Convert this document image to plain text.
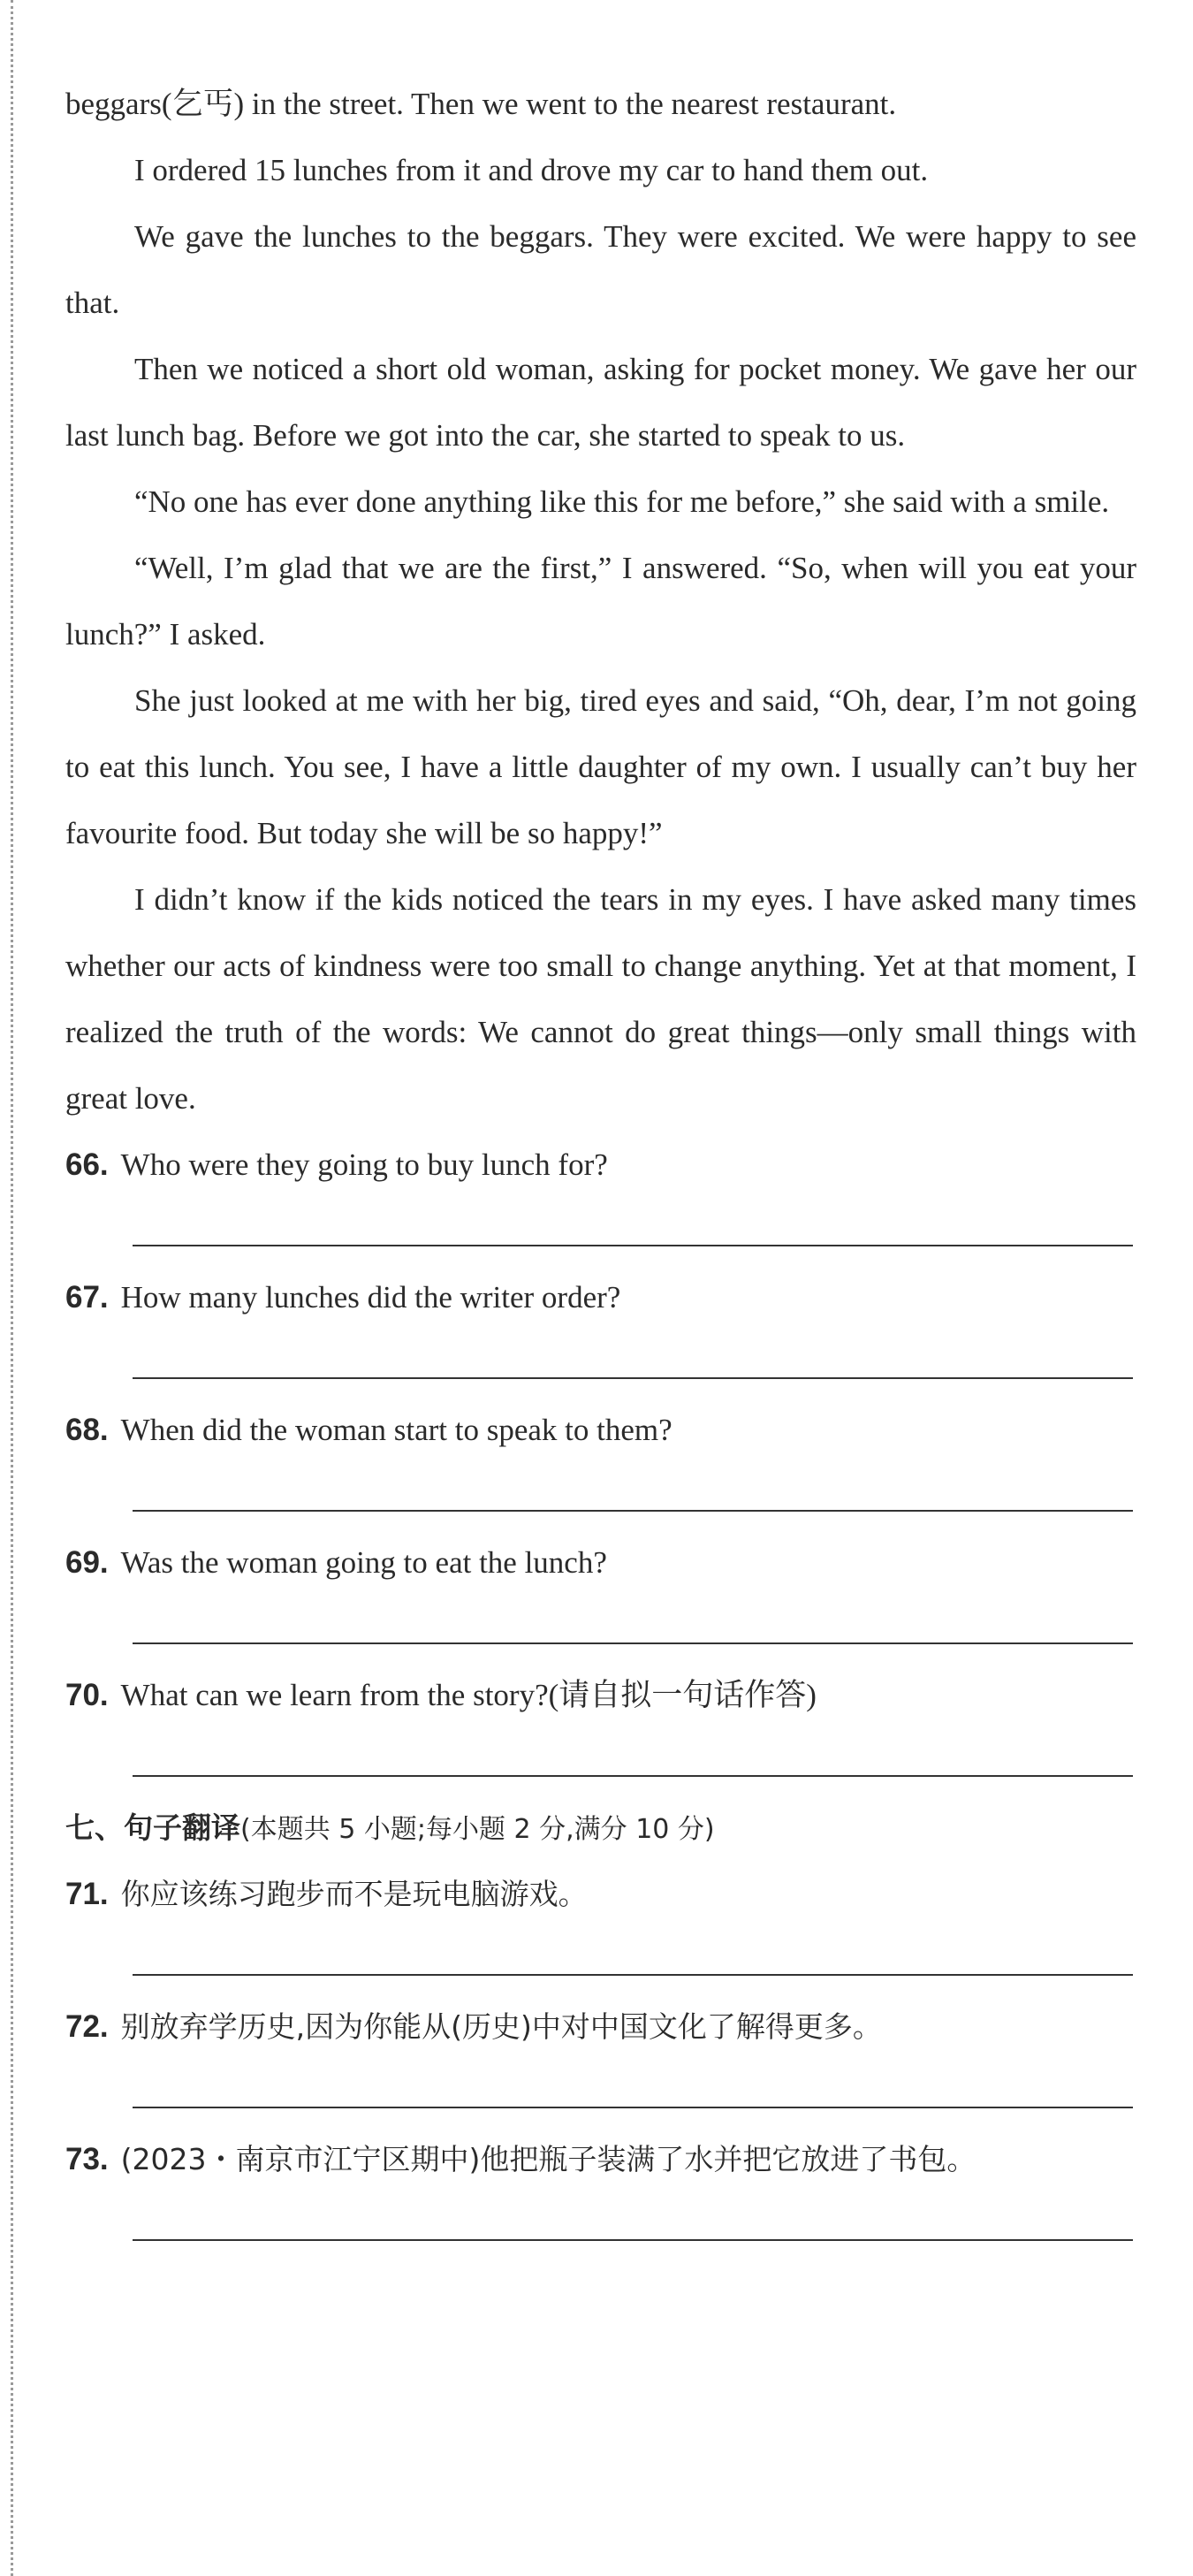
beggars(乞丐) in the street. Then we went to the nearest restaurant.

I ordered 15 lunches from it and drove my car to hand them out.

We gave the lunches to the beggars. They were excited. We were happy to see that.

Then we noticed a short old woman, asking for pocket money. We gave her our last lunch bag. Before we got into the car, she started to speak to us.

“No one has ever done anything like this for me before,” she said with a smile.

“Well, I’m glad that we are the first,” I answered. “So, when will you eat your lunch?” I asked.

She just looked at me with her big, tired eyes and said, “Oh, dear, I’m not going to eat this lunch. You see, I have a little daughter of my own. I usually can’t buy her favourite food. But today she will be so happy!”

I didn’t know if the kids noticed the tears in my eyes. I have asked many times whether our acts of kindness were too small to change anything. Yet at that moment, I realized the truth of the words: We cannot do great things—only small things with great love.

66. Who were they going to buy lunch for?
67. How many lunches did the writer order?
68. When did the woman start to speak to them?
69. Was the woman going to eat the lunch?
70. What can we learn from the story?(请自拟一句话作答)
七、句子翻译(本题共 5 小题;每小题 2 分,满分 10 分)
71. 你应该练习跑步而不是玩电脑游戏。
72. 别放弃学历史,因为你能从(历史)中对中国文化了解得更多。
73. (2023・南京市江宁区期中)他把瓶子装满了水并把它放进了书包。
